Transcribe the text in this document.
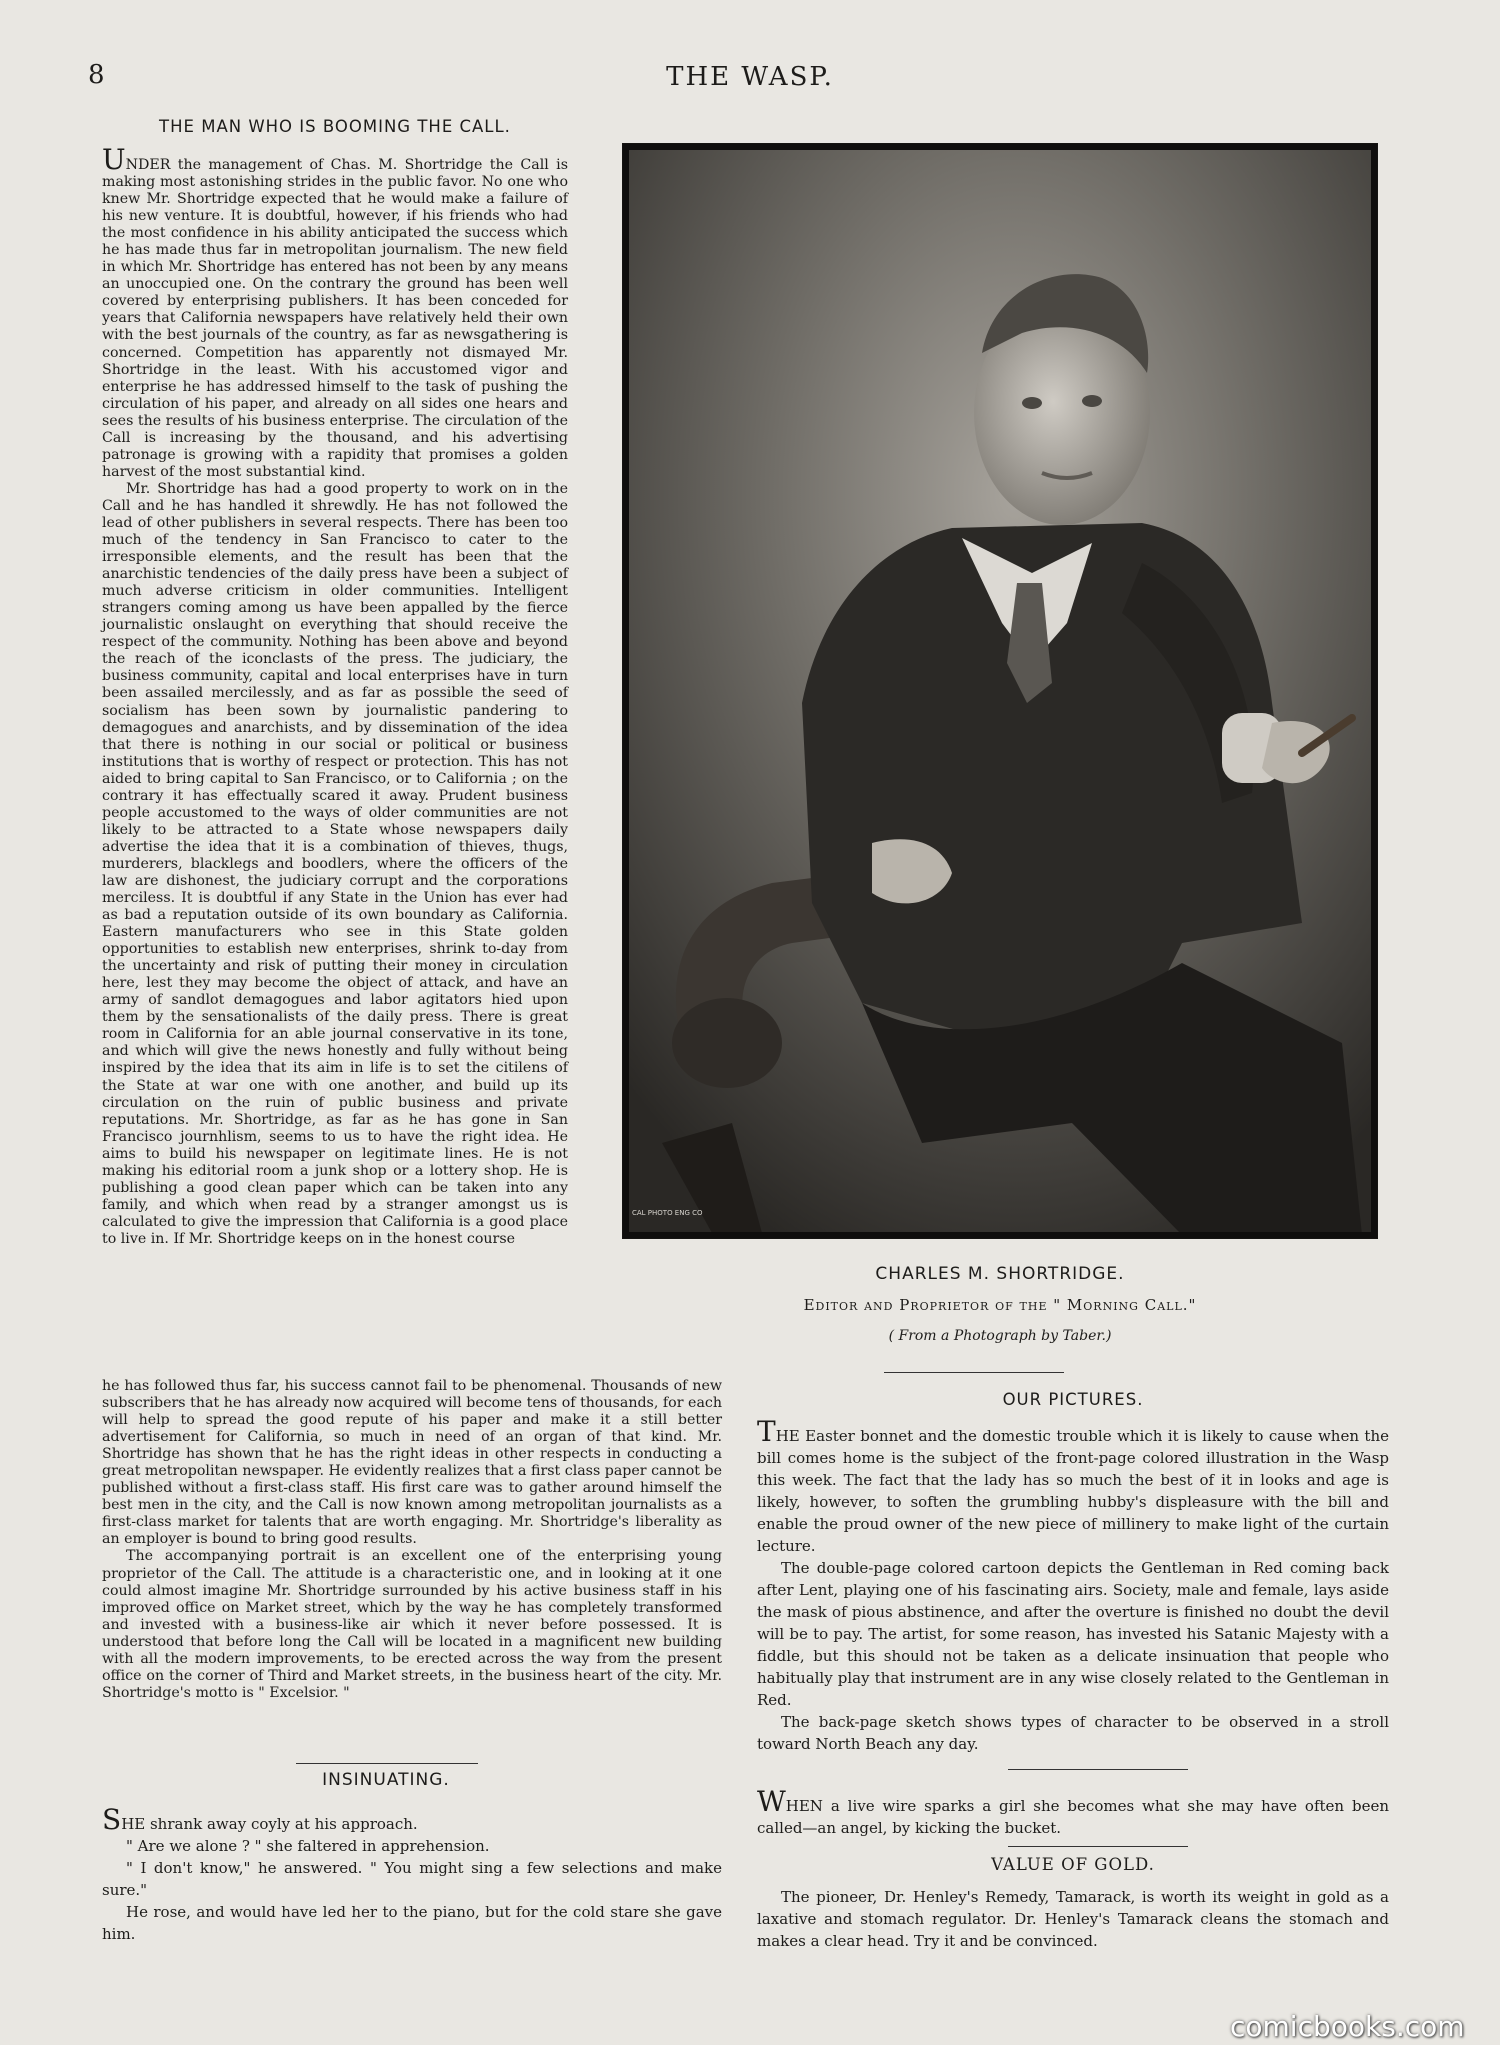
8	THE WASP.
THE MAN WHO IS BOOMING THE CALL.

UNDER the management of Chas. M. Shortridge the Call is making most astonishing strides in the public favor. No one who knew Mr. Shortridge expected that he would make a failure of his new venture. It is doubtful, however, if his friends who had the most confidence in his ability anticipated the success which he has made thus far in metropolitan journalism. The new field in which Mr. Shortridge has entered has not been by any means an unoccupied one. On the contrary the ground has been well covered by enterprising publishers. It has been conceded for years that California newspapers have relatively held their own with the best journals of the country, as far as newsgathering is concerned. Competition has apparently not dismayed Mr. Shortridge in the least. With his accustomed vigor and enterprise he has addressed himself to the task of pushing the circulation of his paper, and already on all sides one hears and sees the results of his business enterprise. The circulation of the Call is increasing by the thousand, and his advertising patronage is growing with a rapidity that promises a golden harvest of the most substantial kind.

Mr. Shortridge has had a good property to work on in the Call and he has handled it shrewdly. He has not followed the lead of other publishers in several respects. There has been too much of the tendency in San Francisco to cater to the irresponsible elements, and the result has been that the anarchistic tendencies of the daily press have been a subject of much adverse criticism in older communities. Intelligent strangers coming among us have been appalled by the fierce journalistic onslaught on everything that should receive the respect of the community. Nothing has been above and beyond the reach of the iconclasts of the press. The judiciary, the business community, capital and local enterprises have in turn been assailed mercilessly, and as far as possible the seed of socialism has been sown by journalistic pandering to demagogues and anarchists, and by dissemination of the idea that there is nothing in our social or political or business institutions that is worthy of respect or protection. This has not aided to bring capital to San Francisco, or to California ; on the contrary it has effectually scared it away. Prudent business people accustomed to the ways of older communities are not likely to be attracted to a State whose newspapers daily advertise the idea that it is a combination of thieves, thugs, murderers, blacklegs and boodlers, where the officers of the law are dishonest, the judiciary corrupt and the corporations merciless. It is doubtful if any State in the Union has ever had as bad a reputation outside of its own boundary as California. Eastern manufacturers who see in this State golden opportunities to establish new enterprises, shrink to-day from the uncertainty and risk of putting their money in circulation here, lest they may become the object of attack, and have an army of sandlot demagogues and labor agitators hied upon them by the sensationalists of the daily press. There is great room in California for an able journal conservative in its tone, and which will give the news honestly and fully without being inspired by the idea that its aim in life is to set the citilens of the State at war one with one another, and build up its circulation on the ruin of public business and private reputations. Mr. Shortridge, as far as he has gone in San Francisco journhlism, seems to us to have the right idea. He aims to build his newspaper on legitimate lines. He is not making his editorial room a junk shop or a lottery shop. He is publishing a good clean paper which can be taken into any family, and which when read by a stranger amongst us is calculated to give the impression that California is a good place to live in. If Mr. Shortridge keeps on in the honest course

he has followed thus far, his success cannot fail to be phenomenal. Thousands of new subscribers that he has already now acquired will become tens of thousands, for each will help to spread the good repute of his paper and make it a still better advertisement for California, so much in need of an organ of that kind. Mr. Shortridge has shown that he has the right ideas in other respects in conducting a great metropolitan newspaper. He evidently realizes that a first class paper cannot be published without a first-class staff. His first care was to gather around himself the best men in the city, and the Call is now known among metropolitan journalists as a first-class market for talents that are worth engaging. Mr. Shortridge's liberality as an employer is bound to bring good results.

The accompanying portrait is an excellent one of the enterprising young proprietor of the Call. The attitude is a characteristic one, and in looking at it one could almost imagine Mr. Shortridge surrounded by his active business staff in his improved office on Market street, which by the way he has completely transformed and invested with a business-like air which it never before possessed. It is understood that before long the Call will be located in a magnificent new building with all the modern improvements, to be erected across the way from the present office on the corner of Third and Market streets, in the business heart of the city. Mr. Shortridge's motto is " Excelsior. "

INSINUATING.

SHE shrank away coyly at his approach.

" Are we alone ? " she faltered in apprehension.

" I don't know," he answered. " You might sing a few selections and make sure."

He rose, and would have led her to the piano, but for the cold stare she gave him.

CAL PHOTO ENG CO
CHARLES M. SHORTRIDGE.
Editor and Proprietor of the " Morning Call."
( From a Photograph by Taber.)
OUR PICTURES.

THE Easter bonnet and the domestic trouble which it is likely to cause when the bill comes home is the subject of the front-page colored illustration in the Wasp this week. The fact that the lady has so much the best of it in looks and age is likely, however, to soften the grumbling hubby's displeasure with the bill and enable the proud owner of the new piece of millinery to make light of the curtain lecture.

The double-page colored cartoon depicts the Gentleman in Red coming back after Lent, playing one of his fascinating airs. Society, male and female, lays aside the mask of pious abstinence, and after the overture is finished no doubt the devil will be to pay. The artist, for some reason, has invested his Satanic Majesty with a fiddle, but this should not be taken as a delicate insinuation that people who habitually play that instrument are in any wise closely related to the Gentleman in Red.

The back-page sketch shows types of character to be observed in a stroll toward North Beach any day.

WHEN a live wire sparks a girl she becomes what she may have often been called—an angel, by kicking the bucket.

VALUE OF GOLD.

The pioneer, Dr. Henley's Remedy, Tamarack, is worth its weight in gold as a laxative and stomach regulator. Dr. Henley's Tamarack cleans the stomach and makes a clear head. Try it and be convinced.

comicbooks.com
